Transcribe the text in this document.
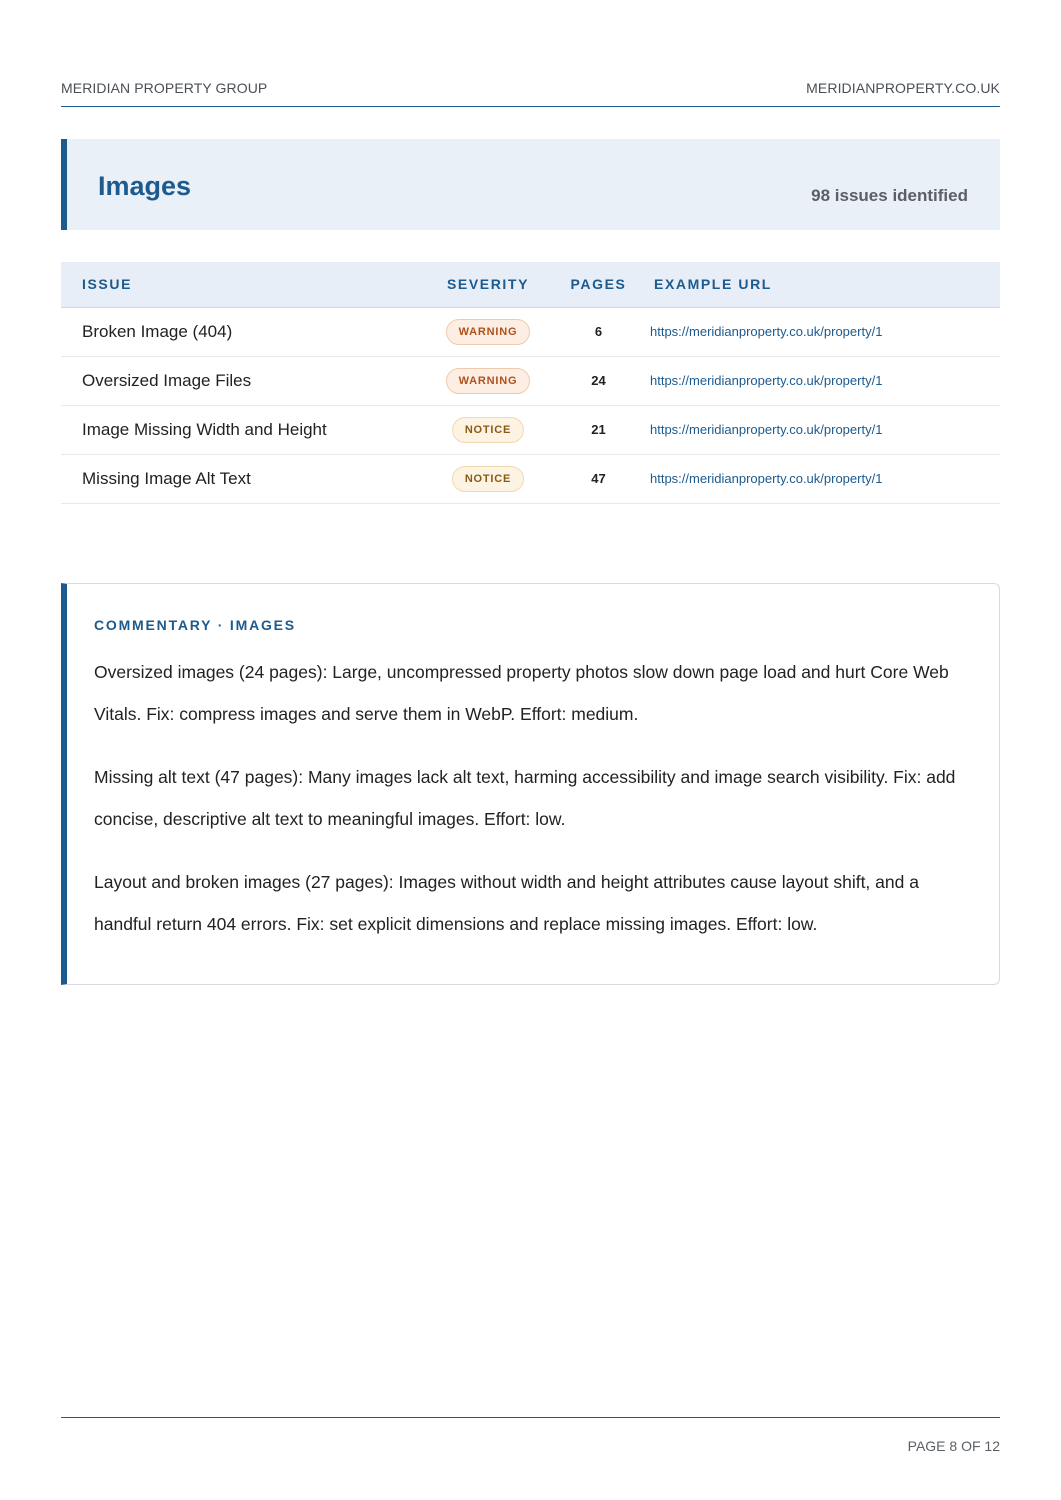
MERIDIAN PROPERTY GROUP	MERIDIANPROPERTY.CO.UK
Images	98 issues identified
ISSUE	SEVERITY	PAGES	EXAMPLE URL
Broken Image (404)	WARNING	6	https://meridianproperty.co.uk/property/1
Oversized Image Files	WARNING	24	https://meridianproperty.co.uk/property/1
Image Missing Width and Height	NOTICE	21	https://meridianproperty.co.uk/property/1
Missing Image Alt Text	NOTICE	47	https://meridianproperty.co.uk/property/1
COMMENTARY · IMAGES

Oversized images (24 pages): Large, uncompressed property photos slow down page load and hurt Core Web Vitals. Fix: compress images and serve them in WebP. Effort: medium.

Missing alt text (47 pages): Many images lack alt text, harming accessibility and image search visibility. Fix: add concise, descriptive alt text to meaningful images. Effort: low.

Layout and broken images (27 pages): Images without width and height attributes cause layout shift, and a handful return 404 errors. Fix: set explicit dimensions and replace missing images. Effort: low.

PAGE 8 OF 12
